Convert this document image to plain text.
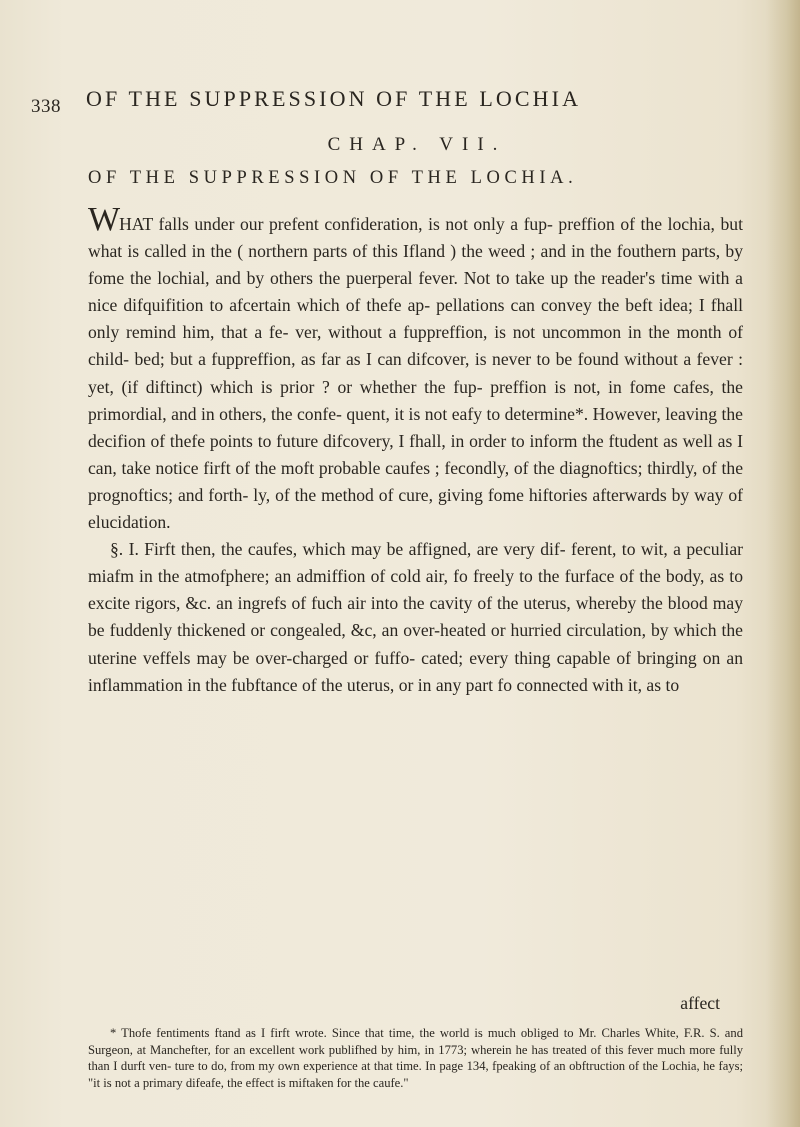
338 OF THE SUPPRESSION OF THE LOCHIA
CHAP. VII.
OF THE SUPPRESSION OF THE LOCHIA.

WHAT falls under our prefent confideration, is not only a fup- preffion of the lochia, but what is called in the ( northern parts of this Ifland ) the weed ; and in the fouthern parts, by fome the lochial, and by others the puerperal fever. Not to take up the reader's time with a nice difquifition to afcertain which of thefe ap- pellations can convey the beft idea; I fhall only remind him, that a fe- ver, without a fuppreffion, is not uncommon in the month of child- bed; but a fuppreffion, as far as I can difcover, is never to be found without a fever : yet, (if diftinct) which is prior ? or whether the fup- preffion is not, in fome cafes, the primordial, and in others, the confe- quent, it is not eafy to determine*. However, leaving the decifion of thefe points to future difcovery, I fhall, in order to inform the ftudent as well as I can, take notice firft of the moft probable caufes ; fecondly, of the diagnoftics; thirdly, of the prognoftics; and forth- ly, of the method of cure, giving fome hiftories afterwards by way of elucidation.

§. I. Firft then, the caufes, which may be affigned, are very dif- ferent, to wit, a peculiar miafm in the atmofphere; an admiffion of cold air, fo freely to the furface of the body, as to excite rigors, &c. an ingrefs of fuch air into the cavity of the uterus, whereby the blood may be fuddenly thickened or congealed, &c, an over-heated or hurried circulation, by which the uterine veffels may be over-charged or fuffo- cated; every thing capable of bringing on an inflammation in the fubftance of the uterus, or in any part fo connected with it, as to

affect

* Thofe fentiments ftand as I firft wrote. Since that time, the world is much obliged to Mr. Charles White, F.R. S. and Surgeon, at Manchefter, for an excellent work publifhed by him, in 1773; wherein he has treated of this fever much more fully than I durft ven- ture to do, from my own experience at that time. In page 134, fpeaking of an obftruction of the Lochia, he fays; "it is not a primary difeafe, the effect is miftaken for the caufe."
